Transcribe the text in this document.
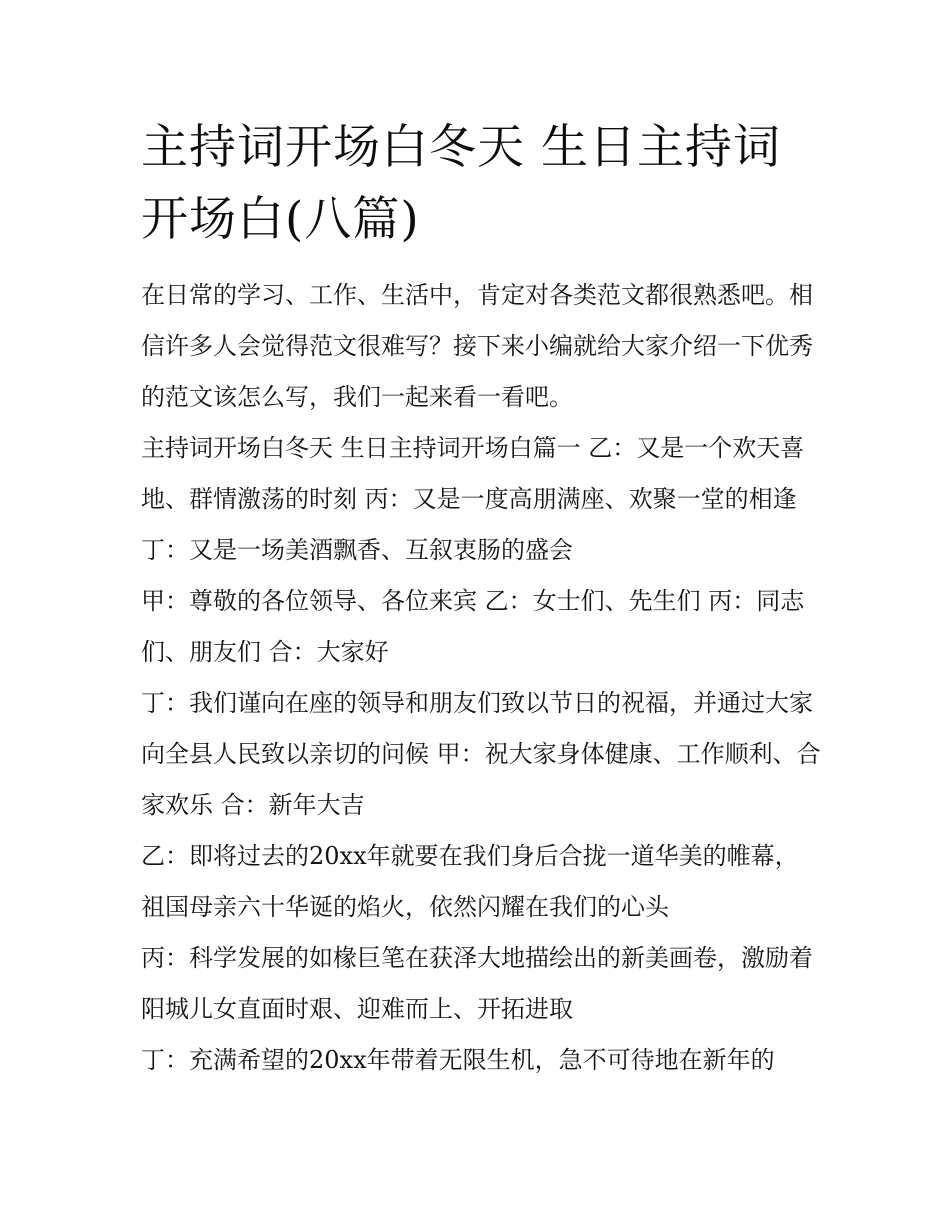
主持词开场白冬天 生日主持词开场白(八篇)

在日常的学习、工作、生活中，肯定对各类范文都很熟悉吧。相信许多人会觉得范文很难写？接下来小编就给大家介绍一下优秀的范文该怎么写，我们一起来看一看吧。

主持词开场白冬天 生日主持词开场白篇一 乙：又是一个欢天喜地、群情激荡的时刻 丙：又是一度高朋满座、欢聚一堂的相逢 丁：又是一场美酒飘香、互叙衷肠的盛会

甲：尊敬的各位领导、各位来宾 乙：女士们、先生们 丙：同志们、朋友们 合：大家好

丁：我们谨向在座的领导和朋友们致以节日的祝福，并通过大家向全县人民致以亲切的问候 甲：祝大家身体健康、工作顺利、合家欢乐 合：新年大吉

乙：即将过去的20xx年就要在我们身后合拢一道华美的帷幕，祖国母亲六十华诞的焰火，依然闪耀在我们的心头

丙：科学发展的如椽巨笔在获泽大地描绘出的新美画卷，激励着阳城儿女直面时艰、迎难而上、开拓进取

丁：充满希望的20xx年带着无限生机，急不可待地在新年的
